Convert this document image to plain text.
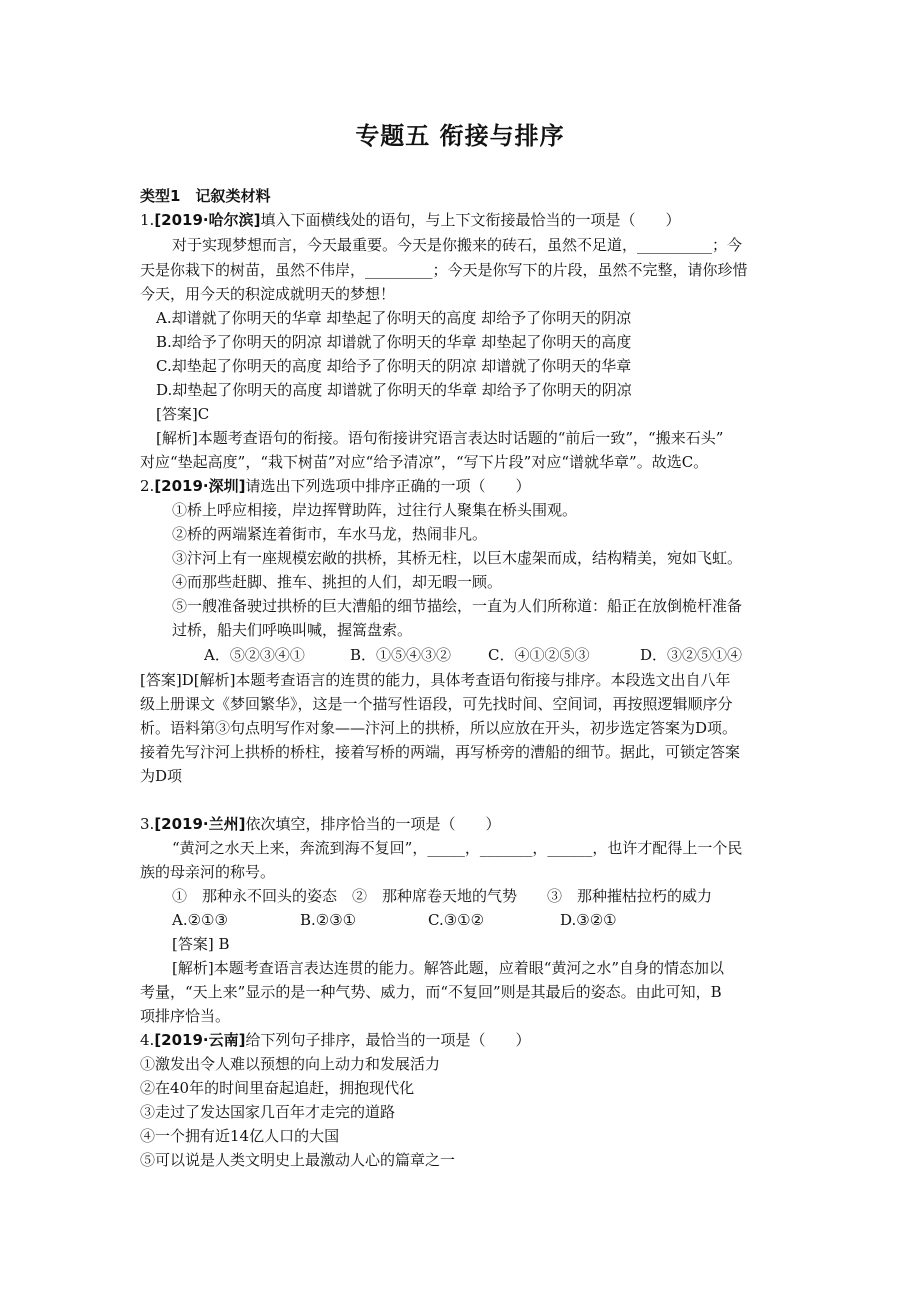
专题五 衔接与排序
类型1　记叙类材料
1.[2019·哈尔滨]填入下面横线处的语句，与上下文衔接最恰当的一项是（　　）
对于实现梦想而言，今天最重要。今天是你搬来的砖石，虽然不足道，__________；今
天是你栽下的树苗，虽然不伟岸，_________；今天是你写下的片段，虽然不完整，请你珍惜
今天，用今天的积淀成就明天的梦想！
A.却谱就了你明天的华章 却垫起了你明天的高度 却给予了你明天的阴凉
B.却给予了你明天的阴凉 却谱就了你明天的华章 却垫起了你明天的高度
C.却垫起了你明天的高度 却给予了你明天的阴凉 却谱就了你明天的华章
D.却垫起了你明天的高度 却谱就了你明天的华章 却给予了你明天的阴凉
[答案]C
[解析]本题考查语句的衔接。语句衔接讲究语言表达时话题的“前后一致”，“搬来石头”
对应“垫起高度”，“栽下树苗”对应“给予清凉”，“写下片段”对应“谱就华章”。故选C。
2.[2019·深圳]请选出下列选项中排序正确的一项（　　）
①桥上呼应相接，岸边挥臂助阵，过往行人聚集在桥头围观。
②桥的两端紧连着街市，车水马龙，热闹非凡。
③汴河上有一座规模宏敞的拱桥，其桥无柱，以巨木虚架而成，结构精美，宛如飞虹。
④而那些赶脚、推车、挑担的人们，却无暇一顾。
⑤一艘准备驶过拱桥的巨大漕船的细节描绘，一直为人们所称道：船正在放倒桅杆准备
过桥，船夫们呼唤叫喊，握篙盘索。
A．⑤②③④①	B．①⑤④③② C．④①②⑤③	D．③②⑤①④
[答案]D[解析]本题考查语言的连贯的能力，具体考查语句衔接与排序。本段选文出自八年
级上册课文《梦回繁华》，这是一个描写性语段，可先找时间、空间词，再按照逻辑顺序分
析。语料第③句点明写作对象——汴河上的拱桥，所以应放在开头，初步选定答案为D项。
接着先写汴河上拱桥的桥柱，接着写桥的两端，再写桥旁的漕船的细节。据此，可锁定答案
为D项
3.[2019·兰州]依次填空，排序恰当的一项是（　　）
“黄河之水天上来，奔流到海不复回”，_____，_______，______，也许才配得上一个民
族的母亲河的称号。
①　那种永不回头的姿态　②　那种席卷天地的气势　　③　那种摧枯拉朽的威力
A.②①③	B.②③①	C.③①②	D.③②①
[答案] B
[解析]本题考查语言表达连贯的能力。解答此题，应着眼“黄河之水”自身的情态加以
考量，“天上来”显示的是一种气势、威力，而“不复回”则是其最后的姿态。由此可知，B
项排序恰当。
4.[2019·云南]给下列句子排序，最恰当的一项是（　　）
①激发出令人难以预想的向上动力和发展活力
②在40年的时间里奋起追赶，拥抱现代化
③走过了发达国家几百年才走完的道路
④一个拥有近14亿人口的大国
⑤可以说是人类文明史上最激动人心的篇章之一
